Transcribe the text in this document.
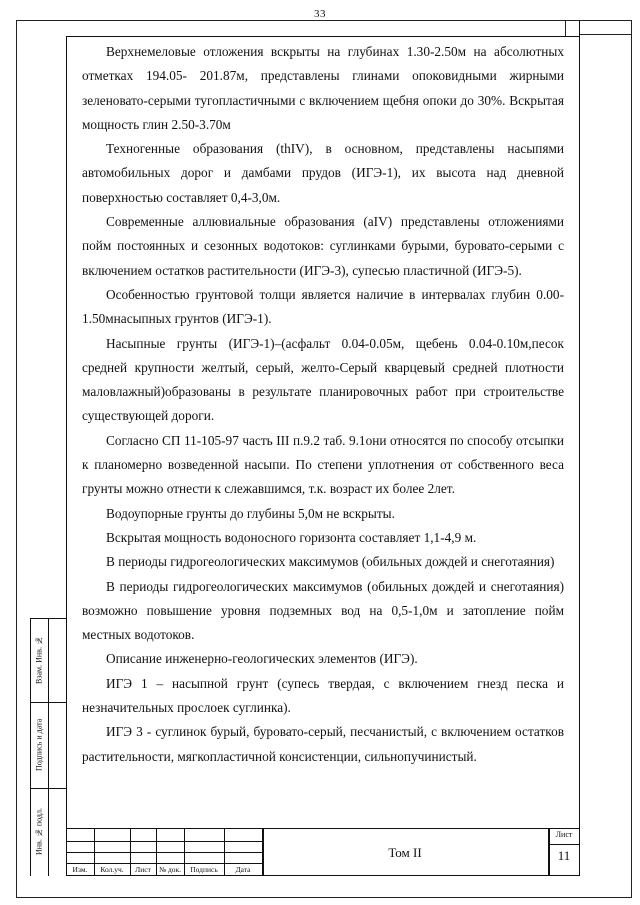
33

Верхнемеловые отложения вскрыты на глубинах 1.30-2.50м на абсолютных отметках 194.05- 201.87м, представлены глинами опоковидными жирными зеленовато-серыми тугопластичными с включением щебня опоки до 30%. Вскрытая мощность глин 2.50-3.70м

Техногенные образования (thIV), в основном, представлены насыпями автомобильных дорог и дамбами прудов (ИГЭ-1), их высота над дневной поверхностью составляет 0,4-3,0м.

Современные аллювиальные образования (aIV) представлены отложениями пойм постоянных и сезонных водотоков: суглинками бурыми, буровато-серыми с включением остатков растительности (ИГЭ-3), супесью пластичной (ИГЭ-5).

Особенностью грунтовой толщи является наличие в интервалах глубин 0.00-1.50мнасыпных грунтов (ИГЭ-1).

Насыпные грунты (ИГЭ-1)–(асфальт 0.04-0.05м, щебень 0.04-0.10м,песок средней крупности желтый, серый, желто-Серый кварцевый средней плотности маловлажный)образованы в результате планировочных работ при строительстве существующей дороги.

Согласно СП 11-105-97 часть III п.9.2 таб. 9.1они относятся по способу отсыпки к планомерно возведенной насыпи. По степени уплотнения от собственного веса грунты можно отнести к слежавшимся, т.к. возраст их более 2лет.

Водоупорные грунты до глубины 5,0м не вскрыты.

Вскрытая мощность водоносного горизонта составляет 1,1-4,9 м.

В периоды гидрогеологических максимумов (обильных дождей и снеготаяния)

В периоды гидрогеологических максимумов (обильных дождей и снеготаяния) возможно повышение уровня подземных вод на 0,5-1,0м и затопление пойм местных водотоков.

Описание инженерно-геологических элементов (ИГЭ).

ИГЭ 1 – насыпной грунт (супесь твердая, с включением гнезд песка и незначительных прослоек суглинка).

ИГЭ 3 - суглинок бурый, буровато-серый, песчанистый, с включением остатков растительности, мягкопластичной консистенции, сильнопучинистый.

Взам. Инв. №
Подпись и дата
Инв. № подл.
Изм.	Кол.уч.	Лист	№ док.	Подпись	Дата
Том II
Лист
11
